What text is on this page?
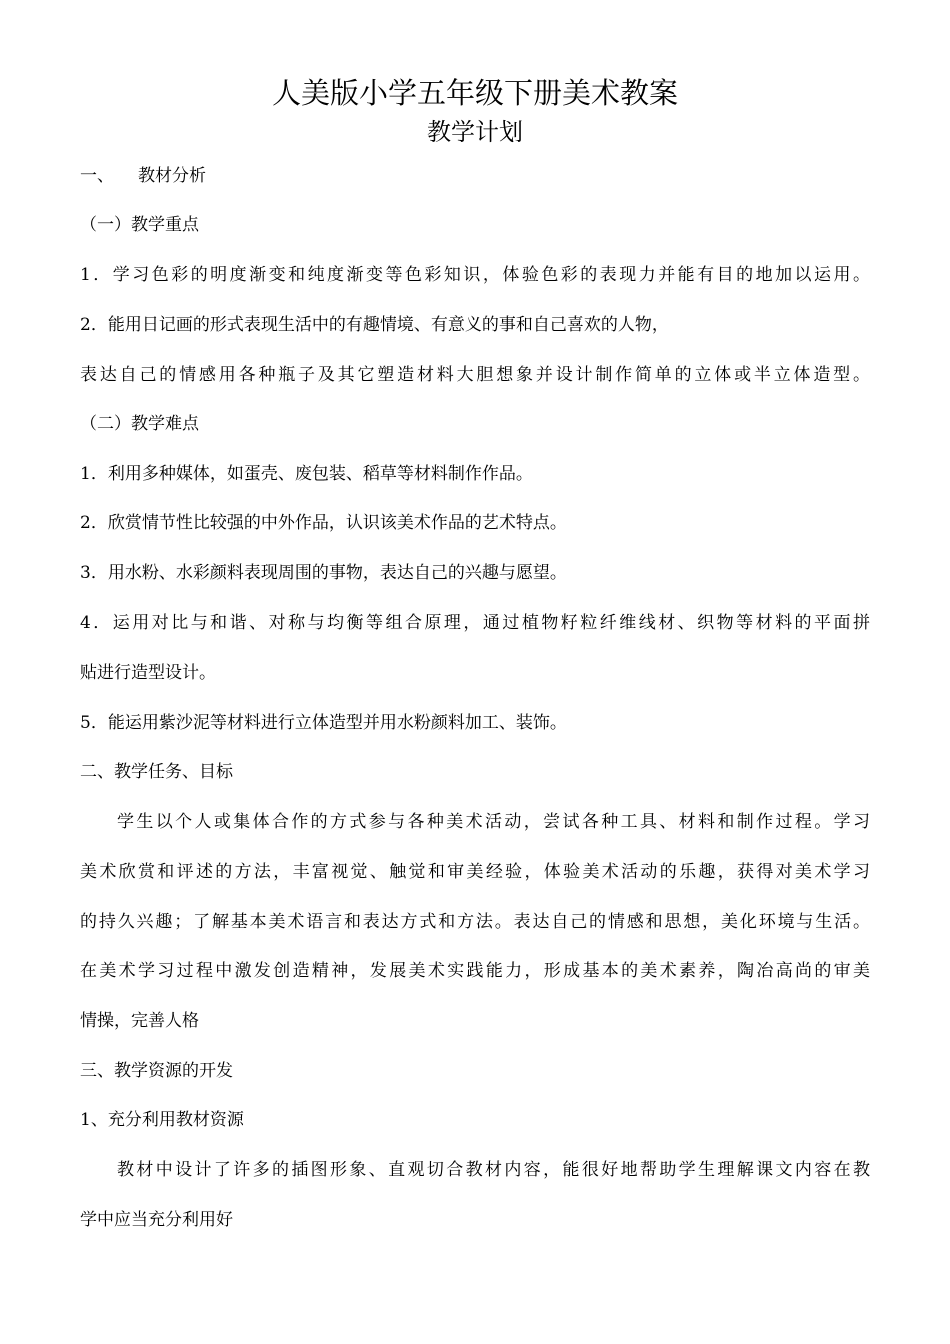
人美版小学五年级下册美术教案
教学计划
一、 教材分析
（一）教学重点
1．学习色彩的明度渐变和纯度渐变等色彩知识，体验色彩的表现力并能有目的地加以运用。
2．能用日记画的形式表现生活中的有趣情境、有意义的事和自己喜欢的人物，
表达自己的情感用各种瓶子及其它塑造材料大胆想象并设计制作简单的立体或半立体造型。
（二）教学难点
1．利用多种媒体，如蛋壳、废包装、稻草等材料制作作品。
2．欣赏情节性比较强的中外作品，认识该美术作品的艺术特点。
3．用水粉、水彩颜料表现周围的事物，表达自己的兴趣与愿望。
4．运用对比与和谐、对称与均衡等组合原理，通过植物籽粒纤维线材、织物等材料的平面拼
贴进行造型设计。
5．能运用紫沙泥等材料进行立体造型并用水粉颜料加工、装饰。
二、教学任务、目标
学生以个人或集体合作的方式参与各种美术活动，尝试各种工具、材料和制作过程。学习
美术欣赏和评述的方法，丰富视觉、触觉和审美经验，体验美术活动的乐趣，获得对美术学习
的持久兴趣；了解基本美术语言和表达方式和方法。表达自己的情感和思想，美化环境与生活。
在美术学习过程中激发创造精神，发展美术实践能力，形成基本的美术素养，陶冶高尚的审美
情操，完善人格
三、教学资源的开发
1、充分利用教材资源
教材中设计了许多的插图形象、直观切合教材内容，能很好地帮助学生理解课文内容在教
学中应当充分利用好
